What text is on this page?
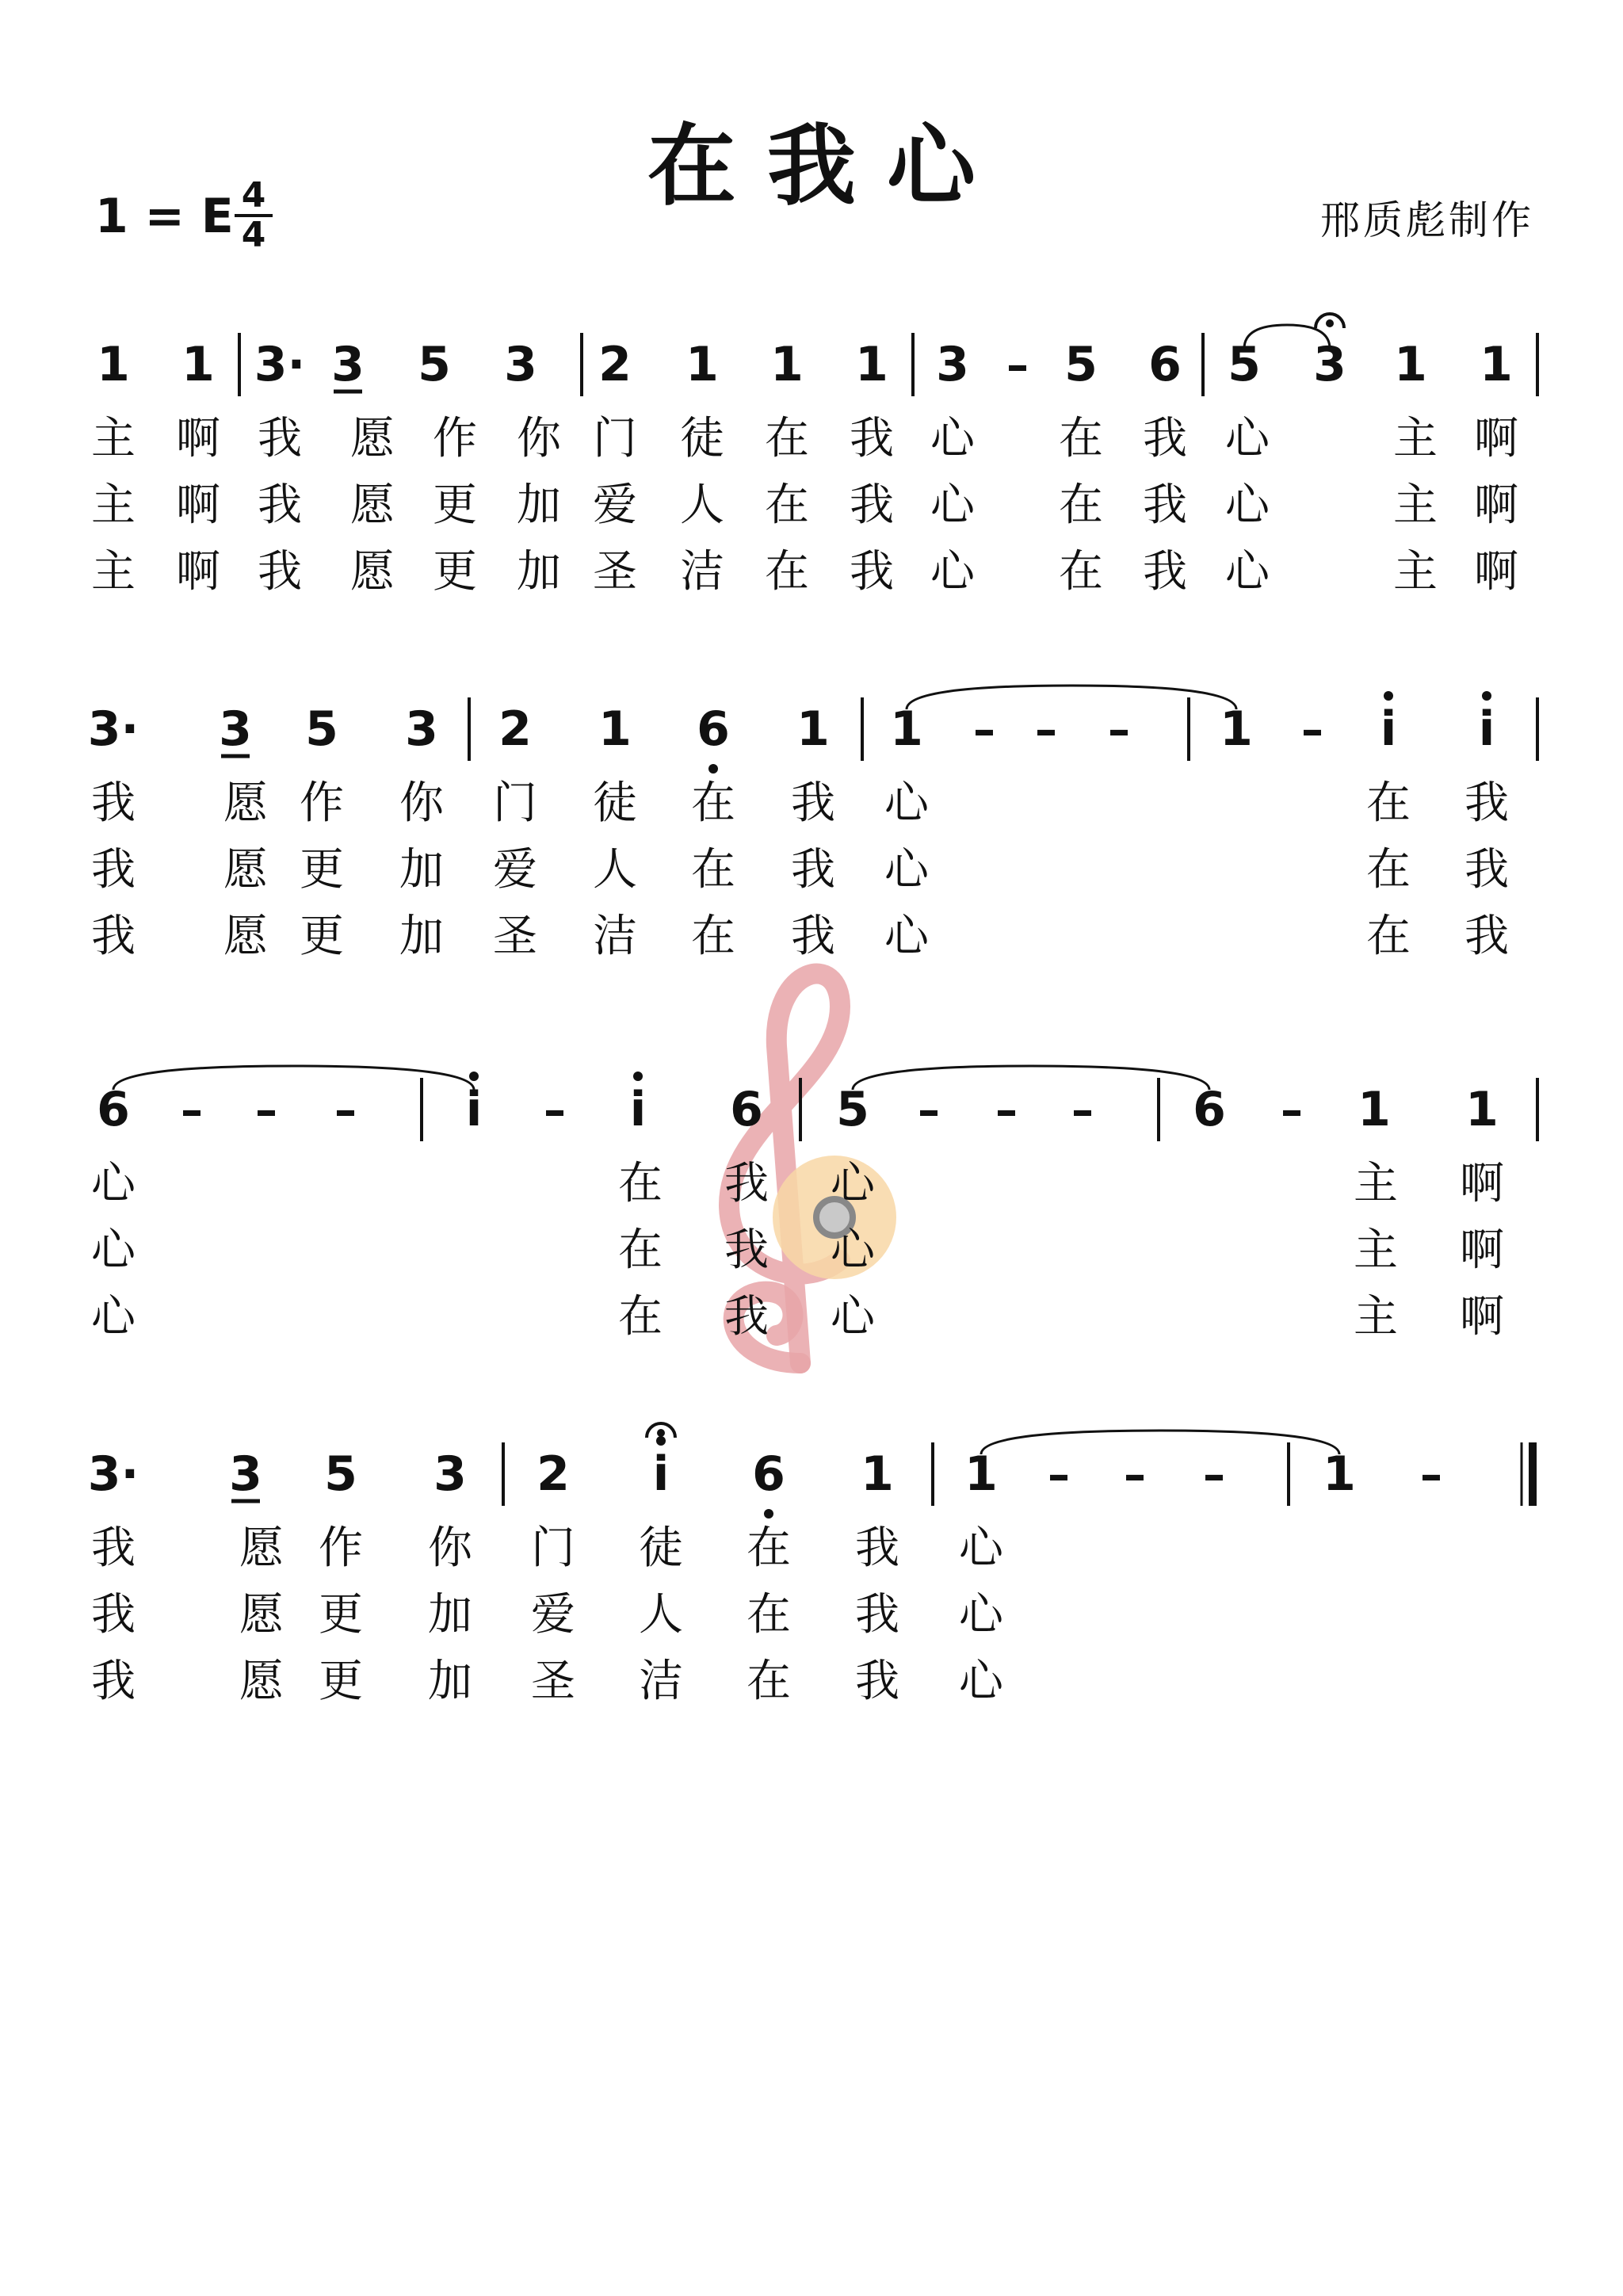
在 我 心
1 = E 4
4	邢质彪制作
1 1 3· 3 5 3 2 1 1 1 3 – 5 6 5 3 1 1
主 啊 我 愿 作 你 门 徒 在 我 心 在 我 心	主 啊
主 啊 我 愿 更 加 爱 人 在 我 心 在 我 心	主 啊
主 啊 我 愿 更 加 圣 洁 在 我 心 在 我 心	主 啊
3· 3 5 3 2 1 6 1 1 – – – 1 – i i
我 愿 作 你 门 徒 在 我 心	在 我
我 愿 更 加 爱 人 在 我 心	在 我
我 愿 更 加 圣 洁 在 我 心	在 我
6 – – – i – i 6 5 – – – 6 – 1 1
心	在 我 心	主 啊
心	在 我 心	主 啊
心	在 我 心	主 啊
3· 3 5 3 2 i 6 1 1 – – – 1 –
我 愿 作 你 门 徒 在 我 心
我 愿 更 加 爱 人 在 我 心
我 愿 更 加 圣 洁 在 我 心
